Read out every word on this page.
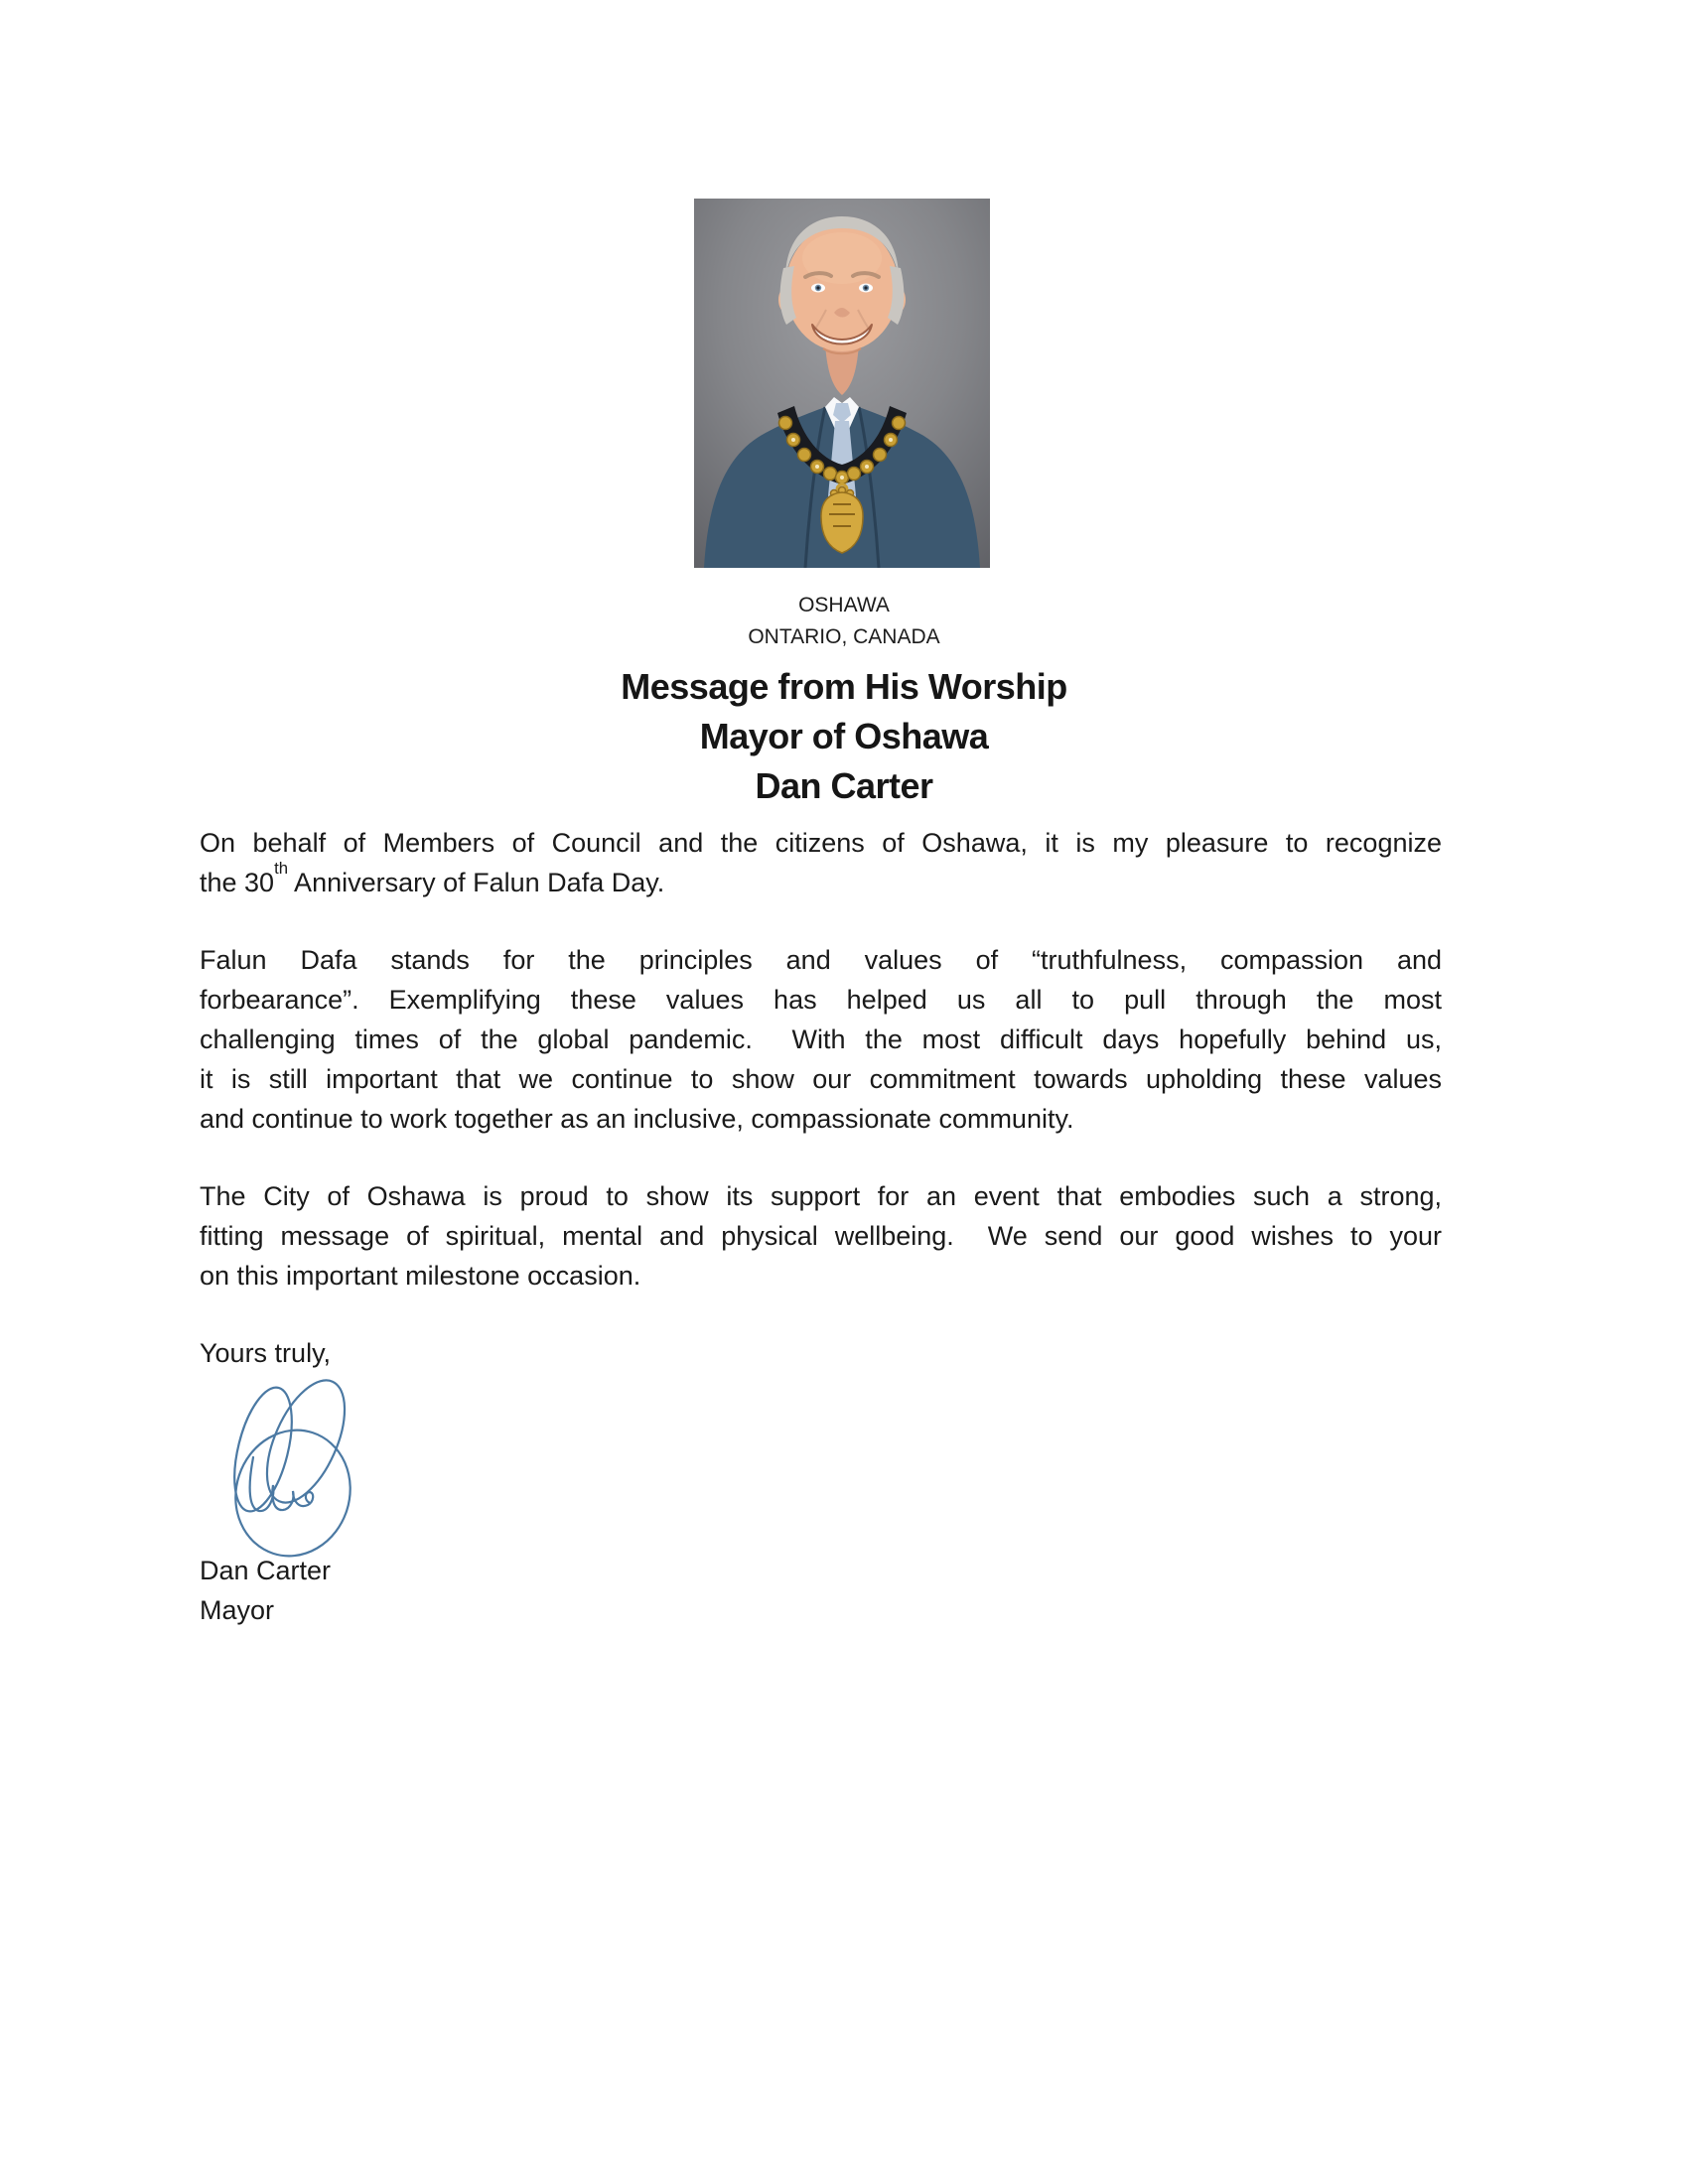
OSHAWA
ONTARIO, CANADA
Message from His Worship
Mayor of Oshawa
Dan Carter
On behalf of Members of Council and the citizens of Oshawa, it is my pleasure to recognize
the 30th Anniversary of Falun Dafa Day.
Falun Dafa stands for the principles and values of “truthfulness, compassion and
forbearance”. Exemplifying these values has helped us all to pull through the most
challenging times of the global pandemic.  With the most difficult days hopefully behind us,
it is still important that we continue to show our commitment towards upholding these values
and continue to work together as an inclusive, compassionate community.
The City of Oshawa is proud to show its support for an event that embodies such a strong,
fitting message of spiritual, mental and physical wellbeing.  We send our good wishes to your
on this important milestone occasion.
Yours truly,
Dan Carter
Mayor
